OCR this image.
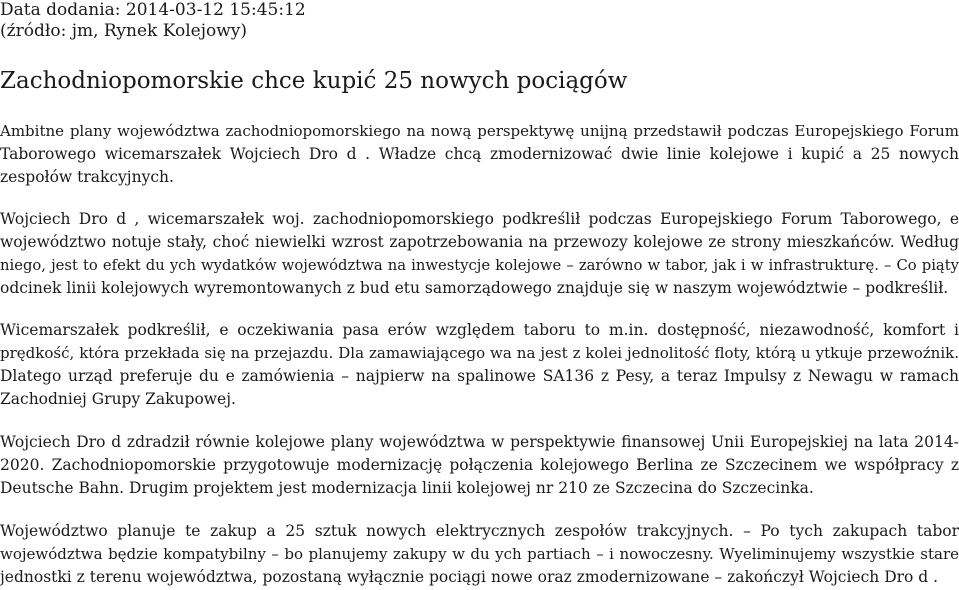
Data dodania: 2014-03-12 15:45:12
(źródło: jm, Rynek Kolejowy)
Zachodniopomorskie chce kupić 25 nowych pociągów
Ambitne plany województwa zachodniopomorskiego na nową perspektywę unijną przedstawił podczas Europejskiego Forum
Taborowego wicemarszałek Wojciech Dro d . Władze chcą zmodernizować dwie linie kolejowe i kupić a 25 nowych
zespołów trakcyjnych.
Wojciech Dro d , wicemarszałek woj. zachodniopomorskiego podkreślił podczas Europejskiego Forum Taborowego, e
województwo notuje stały, choć niewielki wzrost zapotrzebowania na przewozy kolejowe ze strony mieszkańców. Według
niego, jest to efekt du ych wydatków województwa na inwestycje kolejowe – zarówno w tabor, jak i w infrastrukturę. – Co piąty
odcinek linii kolejowych wyremontowanych z bud etu samorządowego znajduje się w naszym województwie – podkreślił.
Wicemarszałek podkreślił, e oczekiwania pasa erów względem taboru to m.in. dostępność, niezawodność, komfort i
prędkość, która przekłada się na przejazdu. Dla zamawiającego wa na jest z kolei jednolitość floty, którą u ytkuje przewoźnik.
Dlatego urząd preferuje du e zamówienia – najpierw na spalinowe SA136 z Pesy, a teraz Impulsy z Newagu w ramach
Zachodniej Grupy Zakupowej.
Wojciech Dro d zdradził równie kolejowe plany województwa w perspektywie finansowej Unii Europejskiej na lata 2014-
2020. Zachodniopomorskie przygotowuje modernizację połączenia kolejowego Berlina ze Szczecinem we współpracy z
Deutsche Bahn. Drugim projektem jest modernizacja linii kolejowej nr 210 ze Szczecina do Szczecinka.
Województwo planuje te zakup a 25 sztuk nowych elektrycznych zespołów trakcyjnych. – Po tych zakupach tabor
województwa będzie kompatybilny – bo planujemy zakupy w du ych partiach – i nowoczesny. Wyeliminujemy wszystkie stare
jednostki z terenu województwa, pozostaną wyłącznie pociągi nowe oraz zmodernizowane – zakończył Wojciech Dro d .
